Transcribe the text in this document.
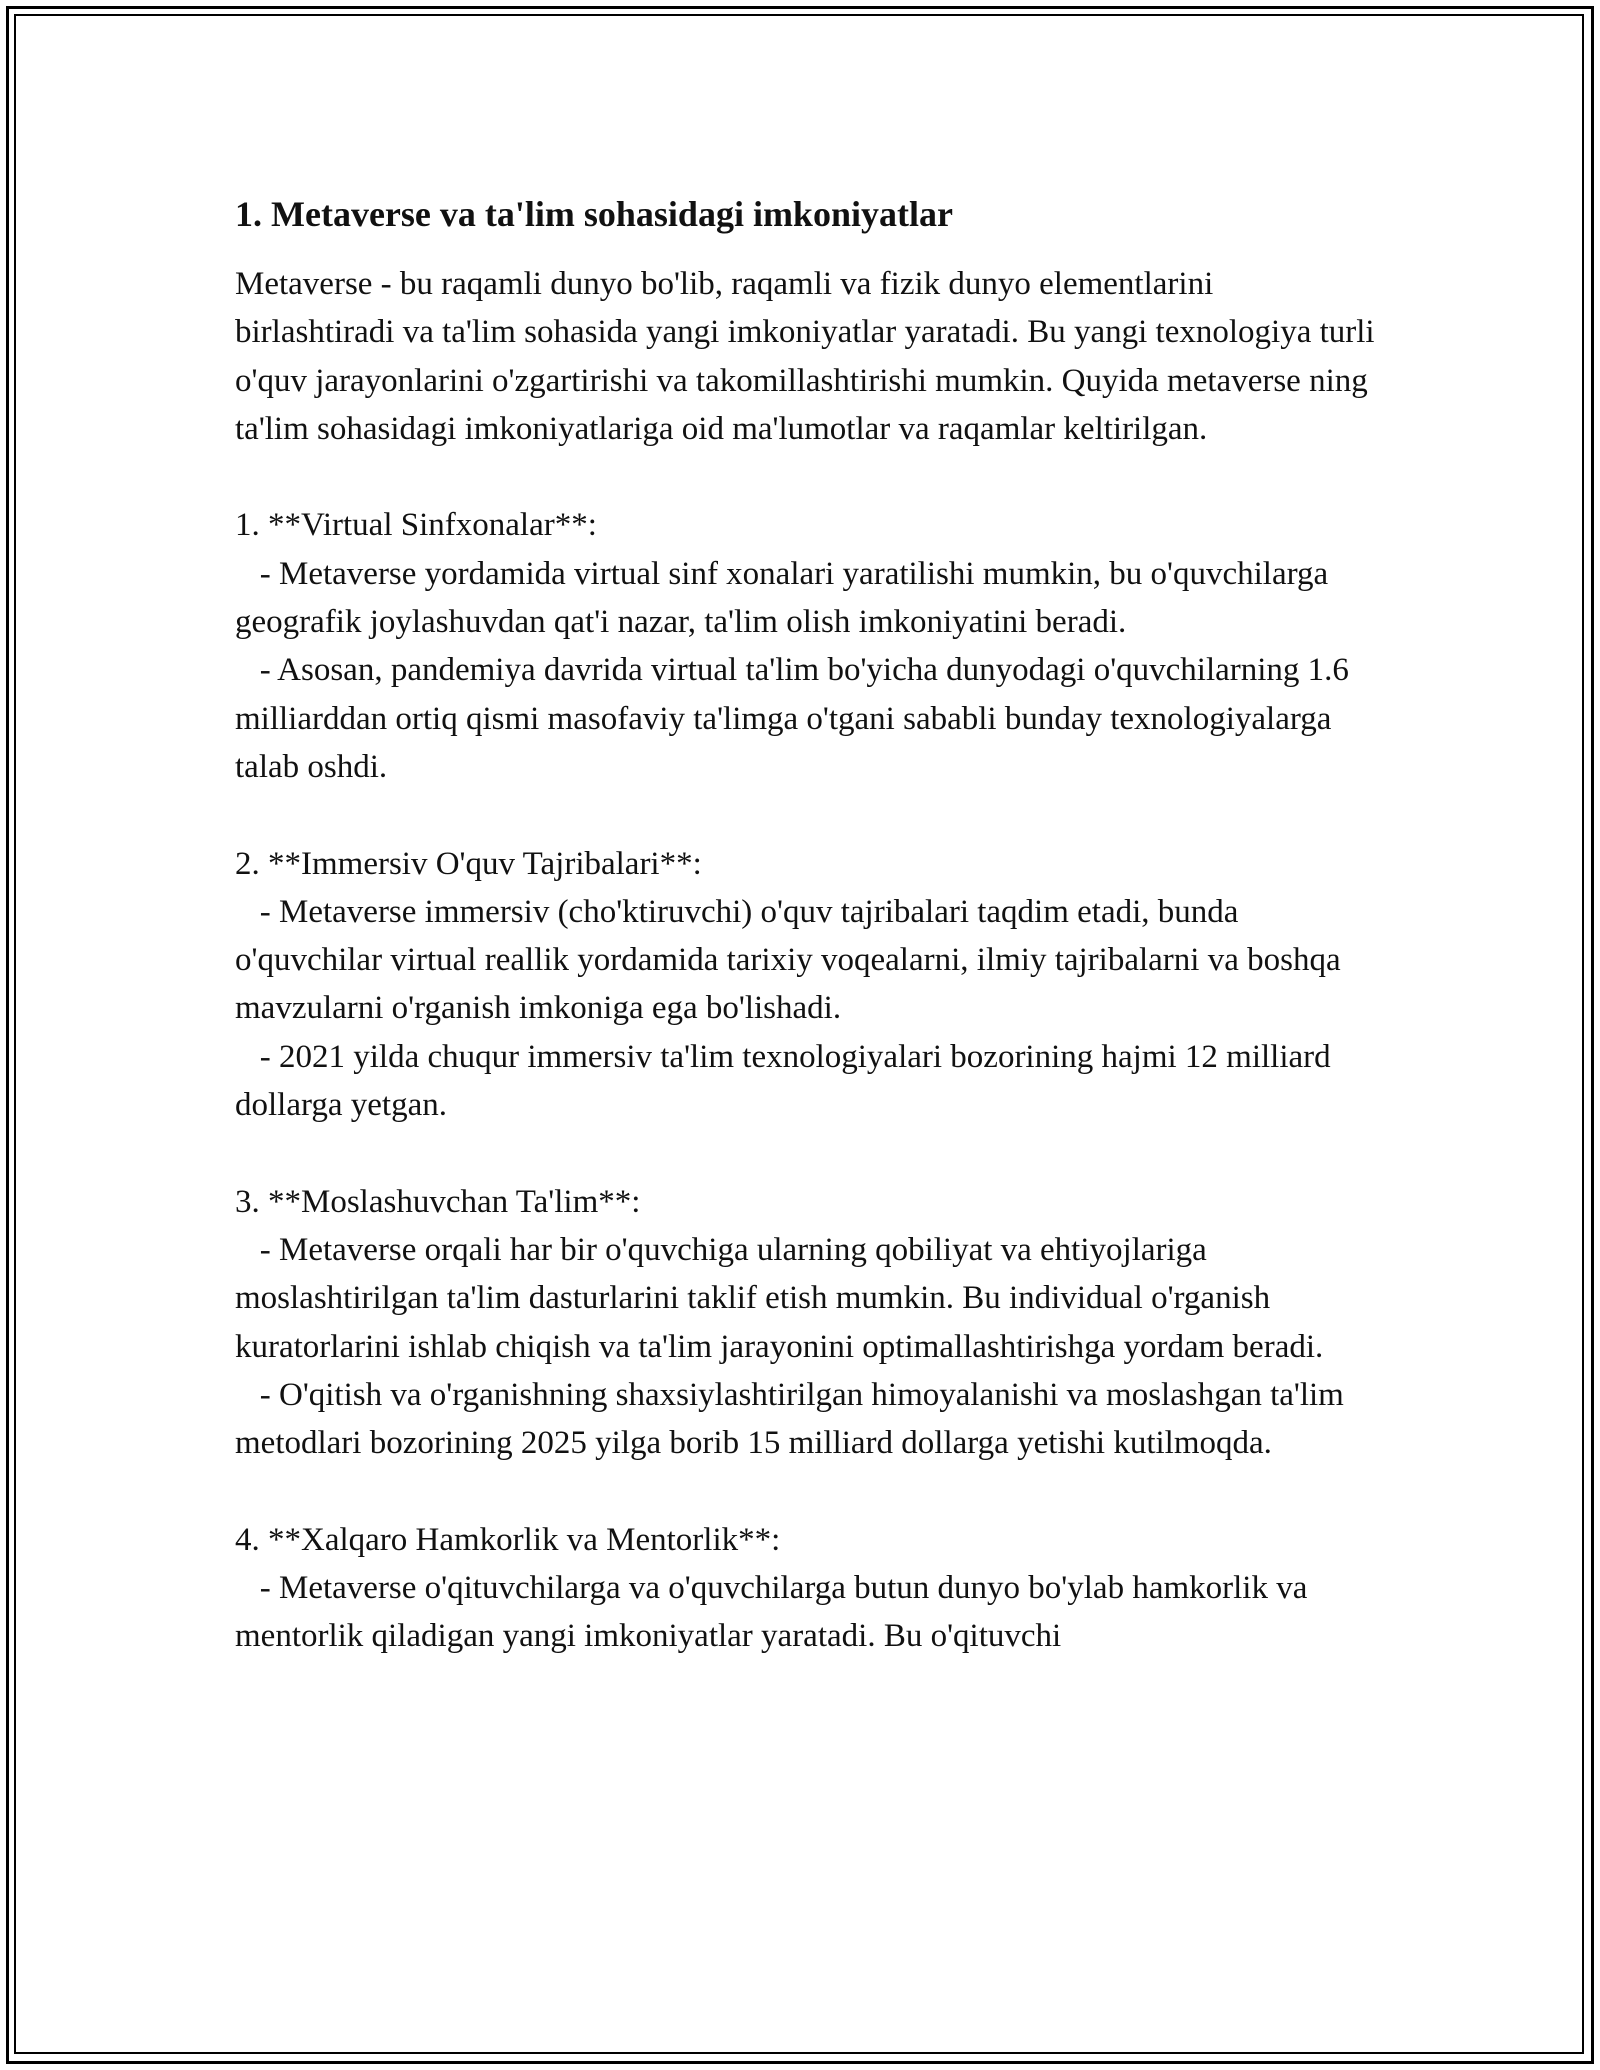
1. Metaverse va ta'lim sohasidagi imkoniyatlar

Metaverse - bu raqamli dunyo bo'lib, raqamli va fizik dunyo elementlarini birlashtiradi va ta'lim sohasida yangi imkoniyatlar yaratadi. Bu yangi texnologiya turli o'quv jarayonlarini o'zgartirishi va takomillashtirishi mumkin. Quyida metaverse ning ta'lim sohasidagi imkoniyatlariga oid ma'lumotlar va raqamlar keltirilgan.

1. **Virtual Sinfxonalar**:

- Metaverse yordamida virtual sinf xonalari yaratilishi mumkin, bu o'quvchilarga geografik joylashuvdan qat'i nazar, ta'lim olish imkoniyatini beradi.

- Asosan, pandemiya davrida virtual ta'lim bo'yicha dunyodagi o'quvchilarning 1.6 milliarddan ortiq qismi masofaviy ta'limga o'tgani sababli bunday texnologiyalarga talab oshdi.

2. **Immersiv O'quv Tajribalari**:

- Metaverse immersiv (cho'ktiruvchi) o'quv tajribalari taqdim etadi, bunda o'quvchilar virtual reallik yordamida tarixiy voqealarni, ilmiy tajribalarni va boshqa mavzularni o'rganish imkoniga ega bo'lishadi.

- 2021 yilda chuqur immersiv ta'lim texnologiyalari bozorining hajmi 12 milliard dollarga yetgan.

3. **Moslashuvchan Ta'lim**:

- Metaverse orqali har bir o'quvchiga ularning qobiliyat va ehtiyojlariga moslashtirilgan ta'lim dasturlarini taklif etish mumkin. Bu individual o'rganish kuratorlarini ishlab chiqish va ta'lim jarayonini optimallashtirishga yordam beradi.

- O'qitish va o'rganishning shaxsiylashtirilgan himoyalanishi va moslashgan ta'lim metodlari bozorining 2025 yilga borib 15 milliard dollarga yetishi kutilmoqda.

4. **Xalqaro Hamkorlik va Mentorlik**:

- Metaverse o'qituvchilarga va o'quvchilarga butun dunyo bo'ylab hamkorlik va mentorlik qiladigan yangi imkoniyatlar yaratadi. Bu o'qituvchi
